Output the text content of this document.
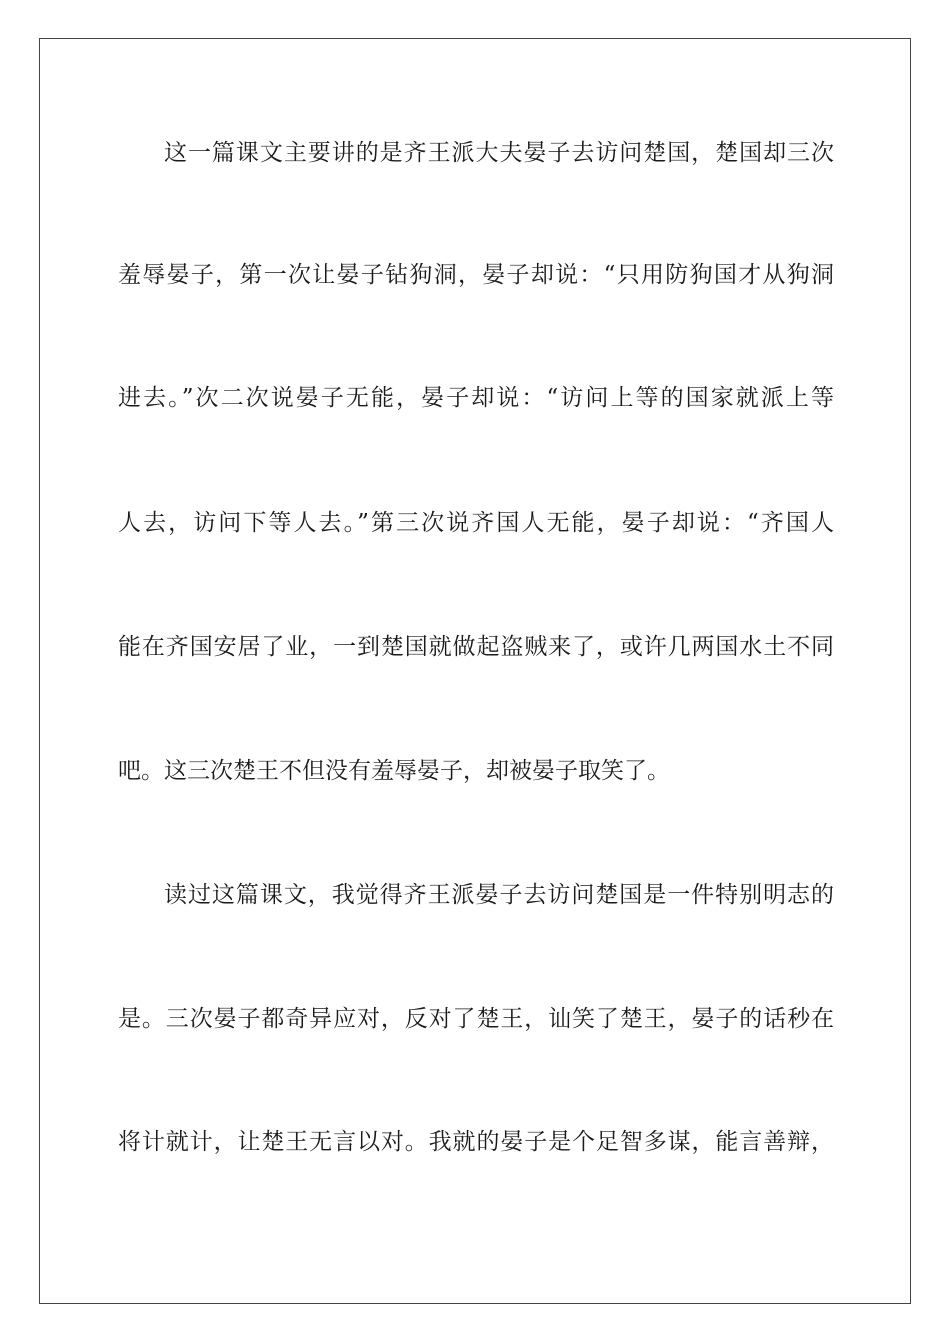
这一篇课文主要讲的是齐王派大夫晏子去访问楚国，楚国却三次
羞辱晏子，第一次让晏子钻狗洞，晏子却说：“只用防狗国才从狗洞
进去。”次二次说晏子无能，晏子却说：“访问上等的国家就派上等
人去，访问下等人去。”第三次说齐国人无能，晏子却说：“齐国人
能在齐国安居了业，一到楚国就做起盗贼来了，或许几两国水土不同
吧。这三次楚王不但没有羞辱晏子，却被晏子取笑了。
读过这篇课文，我觉得齐王派晏子去访问楚国是一件特别明志的
是。三次晏子都奇异应对，反对了楚王，讪笑了楚王，晏子的话秒在
将计就计，让楚王无言以对。我就的晏子是个足智多谋，能言善辩，
